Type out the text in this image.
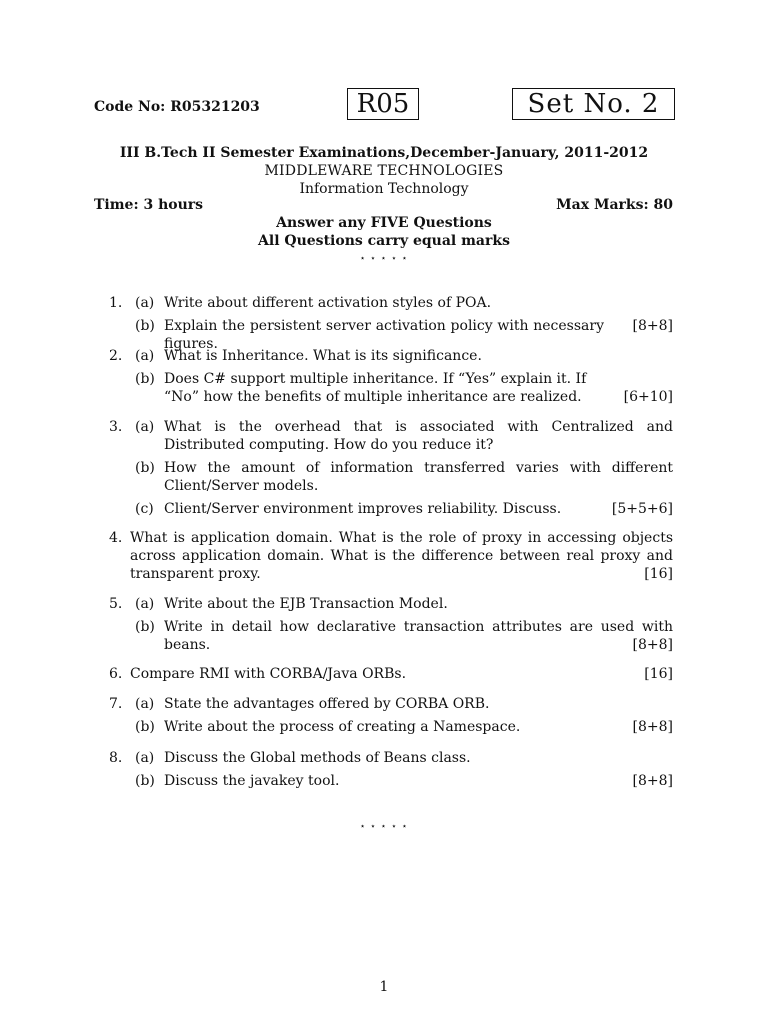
Code No: R05321203	R05	Set No. 2
III B.Tech II Semester Examinations,December-January, 2011-2012
MIDDLEWARE TECHNOLOGIES
Information Technology
Time: 3 hours	Max Marks: 80
Answer any FIVE Questions
All Questions carry equal marks
⋆ ⋆ ⋆ ⋆ ⋆
1. (a) Write about different activation styles of POA.
(b) Explain the persistent server activation policy with necessary figures.
[8+8]
2. (a) What is Inheritance. What is its significance.
(b) Does C# support multiple inheritance. If “Yes” explain it. If “No” how the benefits of multiple inheritance are realized.	[6+10]
3. (a) What is the overhead that is associated with Centralized and Distributed computing. How do you reduce it?
(b) How the amount of information transferred varies with different Client/Server models.
(c) Client/Server environment improves reliability. Discuss.	[5+5+6]
4. What is application domain. What is the role of proxy in accessing objects across application domain. What is the difference between real proxy and transparent proxy.	[16]
5. (a) Write about the EJB Transaction Model.
(b) Write in detail how declarative transaction attributes are used with beans.	[8+8]
6. Compare RMI with CORBA/Java ORBs.	[16]
7. (a) State the advantages offered by CORBA ORB.
(b) Write about the process of creating a Namespace.	[8+8]
8. (a) Discuss the Global methods of Beans class.
(b) Discuss the javakey tool.	[8+8]
⋆ ⋆ ⋆ ⋆ ⋆
1
